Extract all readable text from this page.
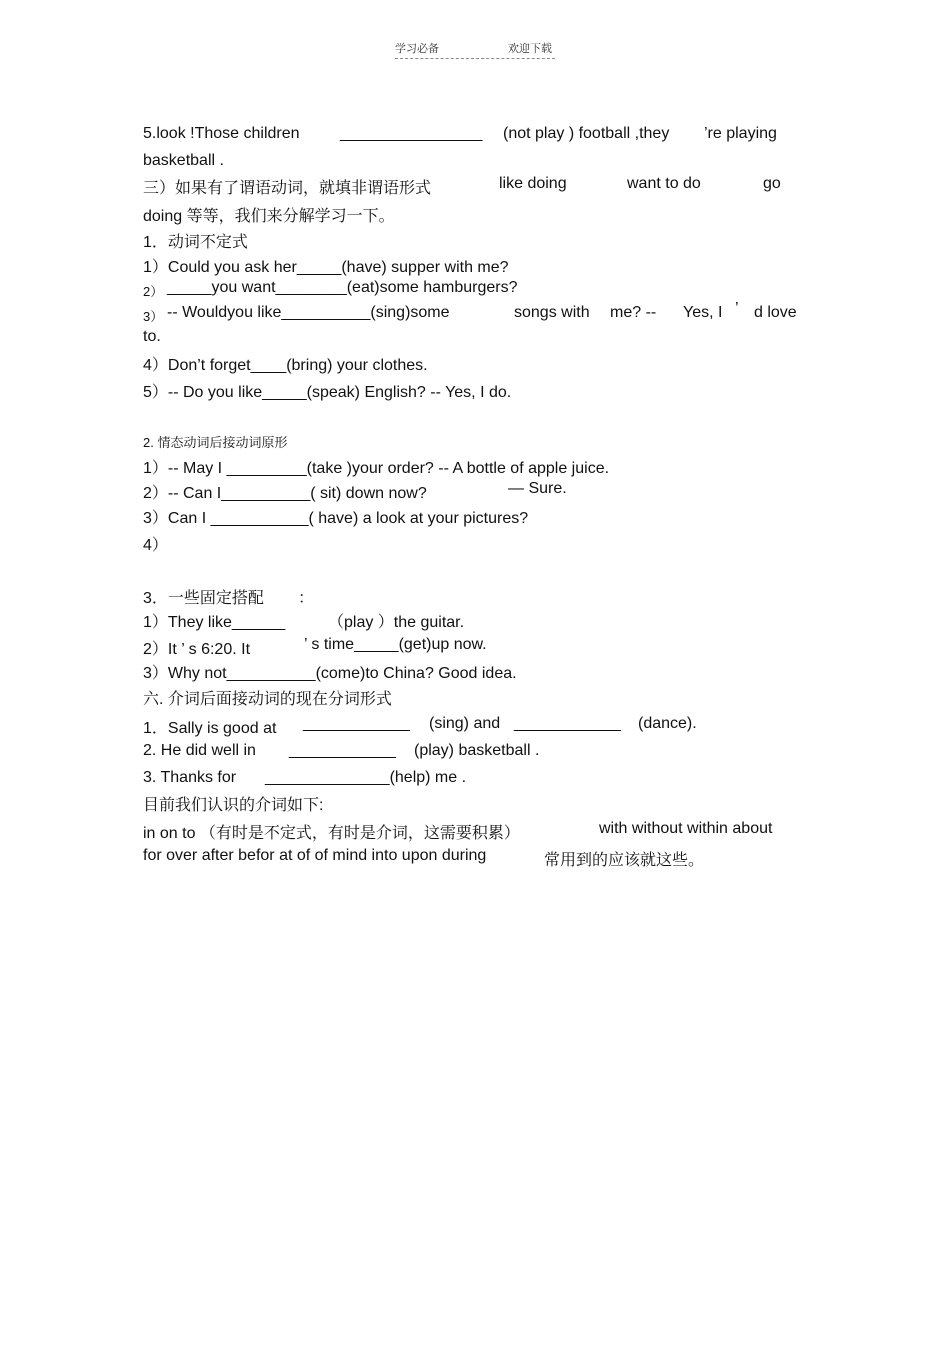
学习必备	欢迎下载
5.look !Those children	________________ (not play ) football ,they ’re playing
basketball .
三）如果有了谓语动词，就填非谓语形式	like doing	want to do	go
doing 等等，我们来分解学习一下。
1．动词不定式
1）Could you ask her_____(have) supper with me?
2） _____you want________(eat)some hamburgers?
3） -- Wouldyou like__________(sing)some	songs with me? -- Yes, I ’ d love
to.
4）Don’t forget____(bring) your clothes.
5）-- Do you like_____(speak) English? -- Yes, I do.
2. 情态动词后接动词原形
1）-- May I _________(take )your order? -- A bottle of apple juice.
2）-- Can I__________( sit) down now?	— Sure.
3）Can I ___________( have) a look at your pictures?
4）
3．一些固定搭配 ：
1）They like______	（play ）the guitar.
2）It ’ s 6:20. It	’ s time_____(get)up now.
3）Why not__________(come)to China? Good idea.
六. 介词后面接动词的现在分词形式
1．Sally is good at ____________ (sing) and ____________ (dance).
2. He did well in ____________ (play) basketball .
3. Thanks for ______________(help) me .
目前我们认识的介词如下:
in on to （有时是不定式，有时是介词，这需要积累）	with without within about
for over after befor at of of mind into upon during	常用到的应该就这些。
